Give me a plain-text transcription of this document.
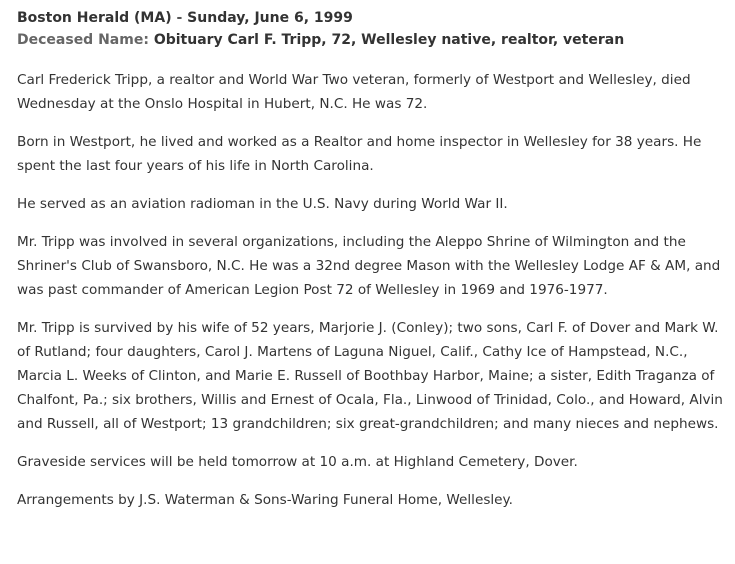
Boston Herald (MA) - Sunday, June 6, 1999
Deceased Name: Obituary Carl F. Tripp, 72, Wellesley native, realtor, veteran

Carl Frederick Tripp, a realtor and World War Two veteran, formerly of Westport and Wellesley, died Wednesday at the Onslo Hospital in Hubert, N.C. He was 72.

Born in Westport, he lived and worked as a Realtor and home inspector in Wellesley for 38 years. He spent the last four years of his life in North Carolina.

He served as an aviation radioman in the U.S. Navy during World War II.

Mr. Tripp was involved in several organizations, including the Aleppo Shrine of Wilmington and the Shriner's Club of Swansboro, N.C. He was a 32nd degree Mason with the Wellesley Lodge AF & AM, and was past commander of American Legion Post 72 of Wellesley in 1969 and 1976-1977.

Mr. Tripp is survived by his wife of 52 years, Marjorie J. (Conley); two sons, Carl F. of Dover and Mark W. of Rutland; four daughters, Carol J. Martens of Laguna Niguel, Calif., Cathy Ice of Hampstead, N.C., Marcia L. Weeks of Clinton, and Marie E. Russell of Boothbay Harbor, Maine; a sister, Edith Traganza of Chalfont, Pa.; six brothers, Willis and Ernest of Ocala, Fla., Linwood of Trinidad, Colo., and Howard, Alvin and Russell, all of Westport; 13 grandchildren; six great-grandchildren; and many nieces and nephews.

Graveside services will be held tomorrow at 10 a.m. at Highland Cemetery, Dover.

Arrangements by J.S. Waterman & Sons-Waring Funeral Home, Wellesley.
